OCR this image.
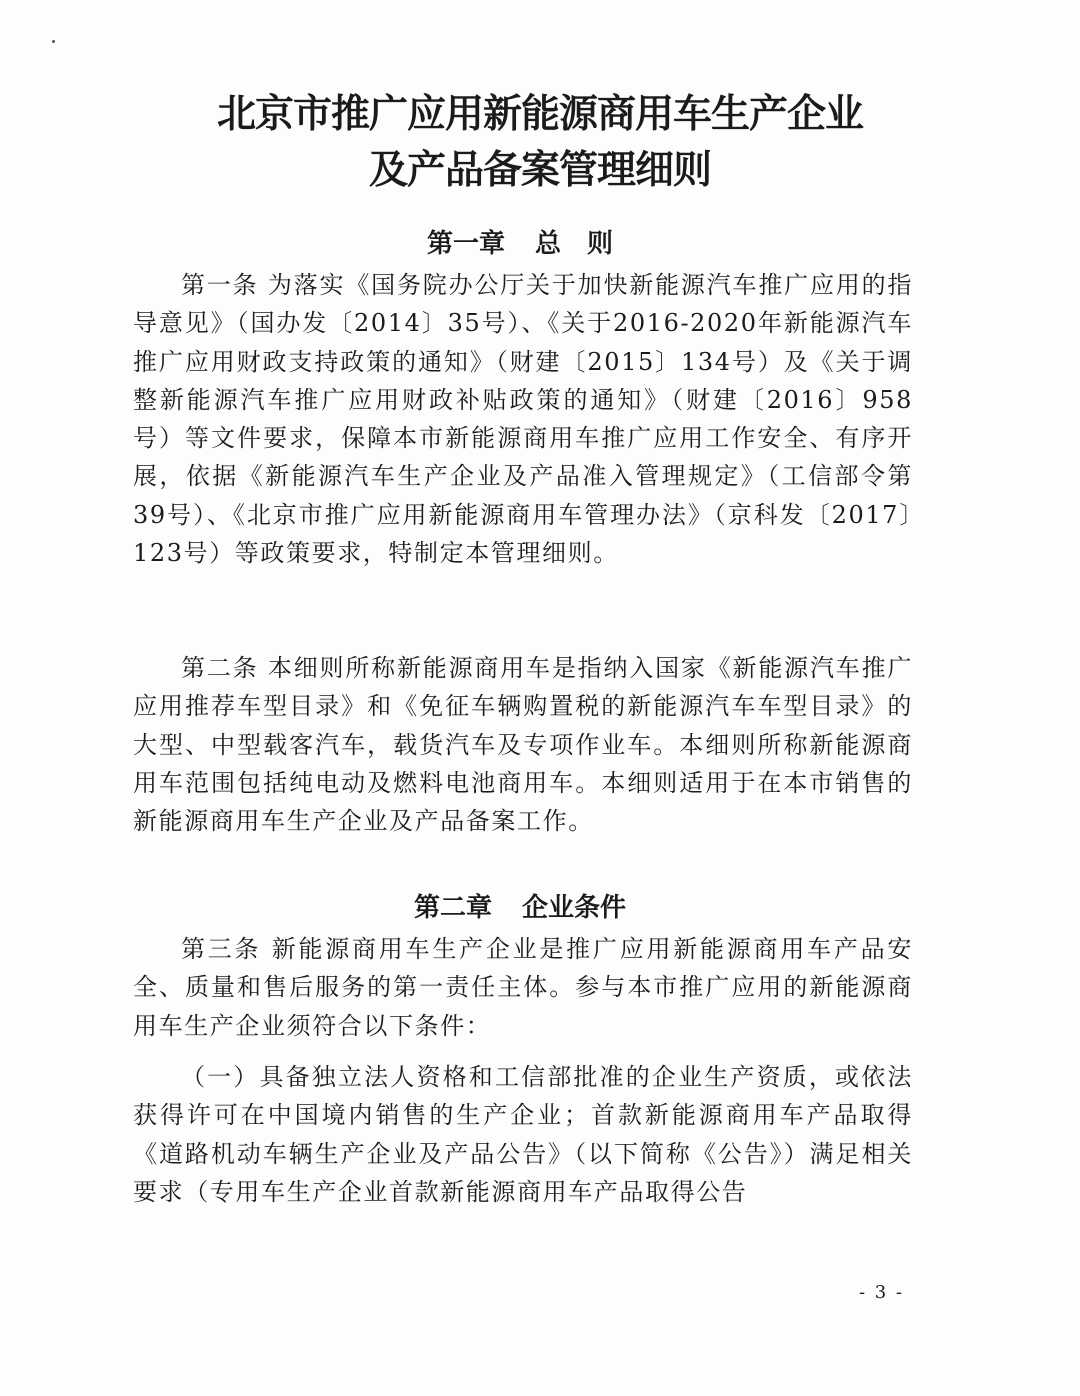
北京市推广应用新能源商用车生产企业
及产品备案管理细则
第一章 总　则

第一条 为落实《国务院办公厅关于加快新能源汽车推广应用的指导意见》（国办发〔2014〕35号）、《关于2016-2020年新能源汽车推广应用财政支持政策的通知》（财建〔2015〕134号）及《关于调整新能源汽车推广应用财政补贴政策的通知》（财建〔2016〕958号）等文件要求，保障本市新能源商用车推广应用工作安全、有序开展，依据《新能源汽车生产企业及产品准入管理规定》（工信部令第39号）、《北京市推广应用新能源商用车管理办法》（京科发〔2017〕123号）等政策要求，特制定本管理细则。

第二条 本细则所称新能源商用车是指纳入国家《新能源汽车推广应用推荐车型目录》和《免征车辆购置税的新能源汽车车型目录》的大型、中型载客汽车，载货汽车及专项作业车。本细则所称新能源商用车范围包括纯电动及燃料电池商用车。本细则适用于在本市销售的新能源商用车生产企业及产品备案工作。

第二章 企业条件

第三条 新能源商用车生产企业是推广应用新能源商用车产品安全、质量和售后服务的第一责任主体。参与本市推广应用的新能源商用车生产企业须符合以下条件：

（一）具备独立法人资格和工信部批准的企业生产资质，或依法获得许可在中国境内销售的生产企业；首款新能源商用车产品取得《道路机动车辆生产企业及产品公告》（以下简称《公告》）满足相关要求（专用车生产企业首款新能源商用车产品取得公告

- 3 -
